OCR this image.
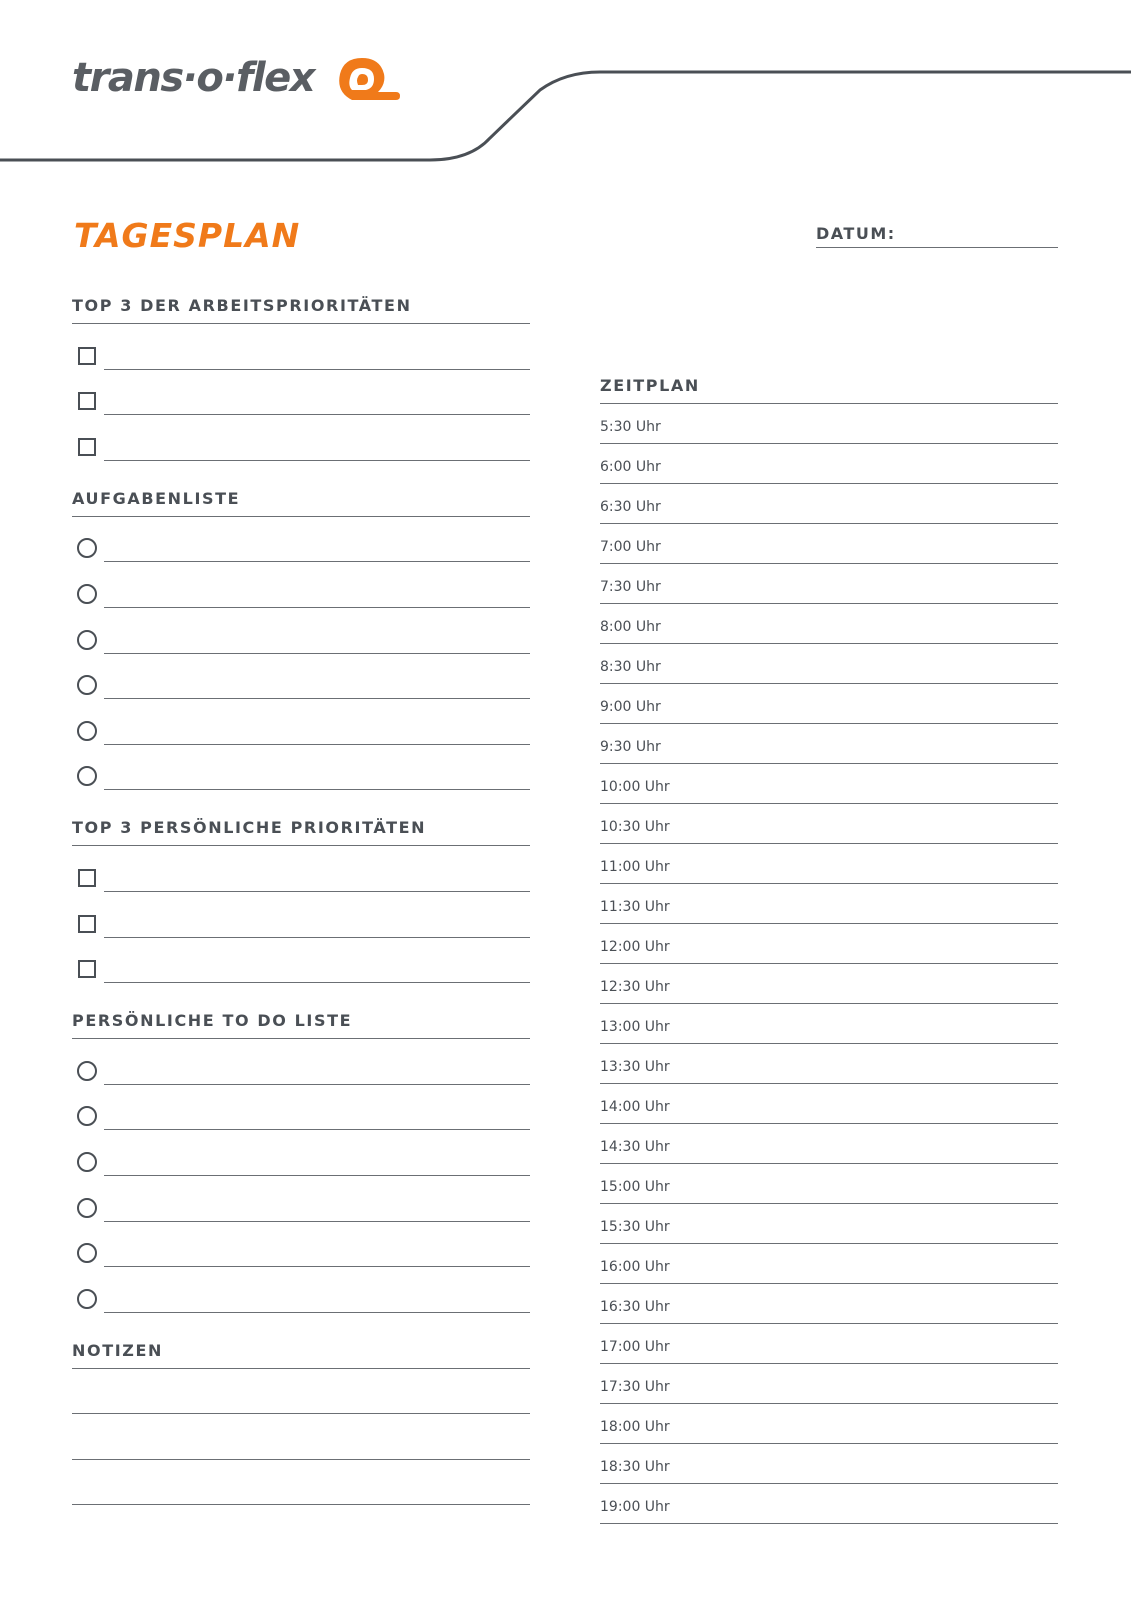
trans·o·flex
TAGESPLAN	DATUM:
TOP 3 DER ARBEITSPRIORITÄTEN
AUFGABENLISTE
TOP 3 PERSÖNLICHE PRIORITÄTEN
PERSÖNLICHE TO DO LISTE
NOTIZEN
ZEITPLAN
5:30 Uhr
6:00 Uhr
6:30 Uhr
7:00 Uhr
7:30 Uhr
8:00 Uhr
8:30 Uhr
9:00 Uhr
9:30 Uhr
10:00 Uhr
10:30 Uhr
11:00 Uhr
11:30 Uhr
12:00 Uhr
12:30 Uhr
13:00 Uhr
13:30 Uhr
14:00 Uhr
14:30 Uhr
15:00 Uhr
15:30 Uhr
16:00 Uhr
16:30 Uhr
17:00 Uhr
17:30 Uhr
18:00 Uhr
18:30 Uhr
19:00 Uhr
